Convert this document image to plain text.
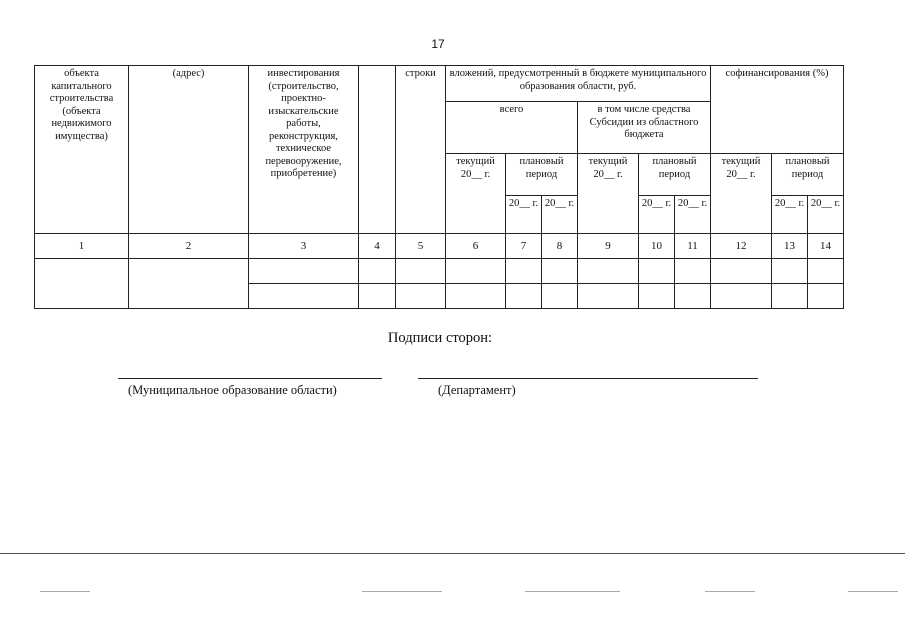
17
объекта капитального строительства (объекта недвижимого имущества)	(адрес)	инвестирования (строительство, проектно-изыскательские работы, реконструкция, техническое перевооружение, приобретение)		строки	вложений, предусмотренный в бюджете муниципального образования области, руб.						софинансирования (%)		
					всего			в том числе средства Субсидии из областного бюджета					
					текущий 20__ г.	плановый период		текущий 20__ г.	плановый период		текущий 20__ г.	плановый период	
						20__ г.	20__ г.		20__ г.	20__ г.		20__ г.	20__ г.
1	2	3	4	5	6	7	8	9	10	11	12	13	14

Подписи сторон:
(Муниципальное образование области)	(Департамент)
